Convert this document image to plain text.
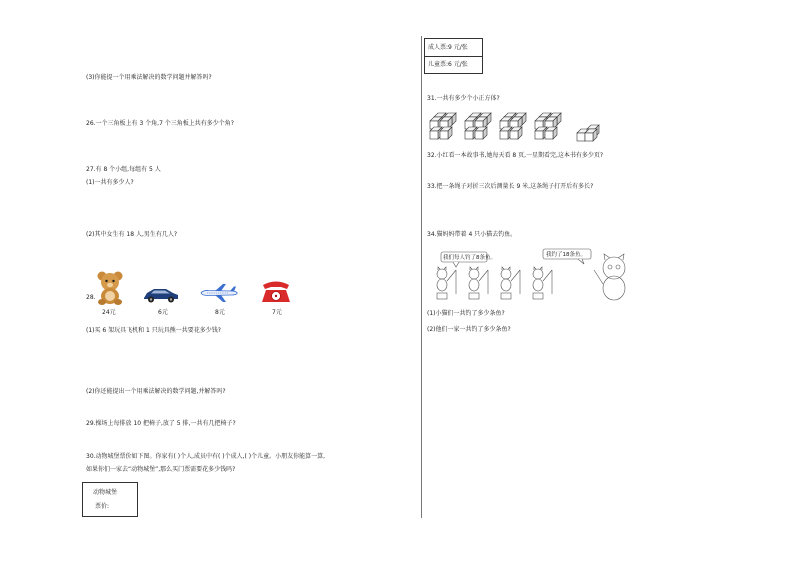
(3)你能提一个用乘法解决的数学问题并解答吗?
26.一个三角板上有 3 个角,7 个三角板上共有多少个角?
27.有 8 个小组,每组有 5 人
(1)一共有多少人?
(2)其中女生有 18 人,男生有几人?
28.
24元	6元	8元	7元
(1)买 6 架玩具飞机和 1 只玩具熊一共要花多少钱?
(2)你还能提出一个用乘法解决的数学问题,并解答吗?
29.操场上每排放 10 把椅子,放了 5 排,一共有几把椅子?
30.动物城堡票价如下图。你家有( )个人,成员中有( )个成人,( )个儿童。小朋友你能算一算,
如果你们一家去“动物城堡”,那么买门票需要花多少钱吗?
动物城堡
票价:
成人票:9 元/张
儿童票:6 元/张
31.一共有多少个小正方体?
32.小红看一本故事书,她每天看 8 页,一星期看完,这本书有多少页?
33.把一条绳子对折三次后测量长 9 米,这条绳子打开后有多长?
34.猫妈妈带着 4 只小猫去钓鱼。
我们每人钓了8条鱼。	我钓了18条鱼。
(1)小猫们一共钓了多少条鱼?
(2)他们一家一共钓了多少条鱼?
